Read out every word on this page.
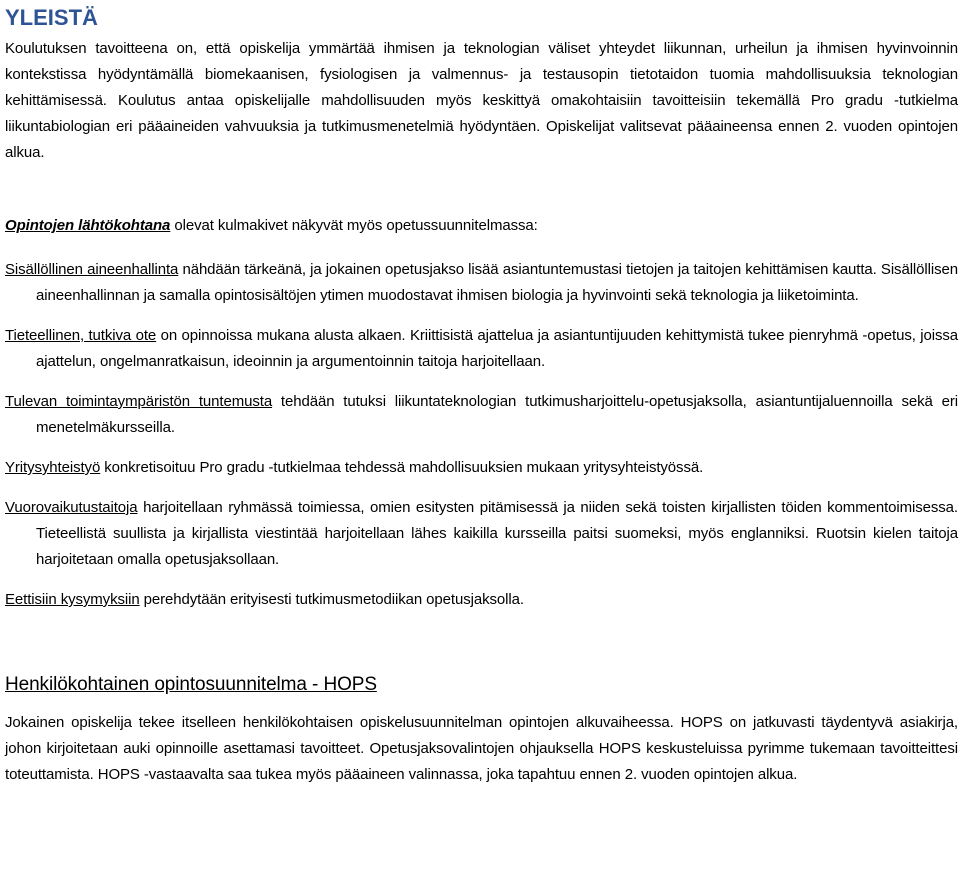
YLEISTÄ

Koulutuksen tavoitteena on, että opiskelija ymmärtää ihmisen ja teknologian väliset yhteydet liikunnan, urheilun ja ihmisen hyvinvoinnin kontekstissa hyödyntämällä biomekaanisen, fysiologisen ja valmennus- ja testausopin tietotaidon tuomia mahdollisuuksia teknologian kehittämisessä. Koulutus antaa opiskelijalle mahdollisuuden myös keskittyä omakohtaisiin tavoitteisiin tekemällä Pro gradu -tutkielma liikuntabiologian eri pääaineiden vahvuuksia ja tutkimusmenetelmiä hyödyntäen. Opiskelijat valitsevat pääaineensa ennen 2. vuoden opintojen alkua.

Opintojen lähtökohtana olevat kulmakivet näkyvät myös opetussuunnitelmassa:

Sisällöllinen aineenhallinta nähdään tärkeänä, ja jokainen opetusjakso lisää asiantuntemustasi tietojen ja taitojen kehittämisen kautta. Sisällöllisen aineenhallinnan ja samalla opintosisältöjen ytimen muodostavat ihmisen biologia ja hyvinvointi sekä teknologia ja liiketoiminta.

Tieteellinen, tutkiva ote on opinnoissa mukana alusta alkaen. Kriittisistä ajattelua ja asiantuntijuuden kehittymistä tukee pienryhmä -opetus, joissa ajattelun, ongelmanratkaisun, ideoinnin ja argumentoinnin taitoja harjoitellaan.

Tulevan toimintaympäristön tuntemusta tehdään tutuksi liikuntateknologian tutkimusharjoittelu-opetusjaksolla, asiantuntijaluennoilla sekä eri menetelmäkursseilla.

Yritysyhteistyö konkretisoituu Pro gradu -tutkielmaa tehdessä mahdollisuuksien mukaan yritysyhteistyössä.

Vuorovaikutustaitoja harjoitellaan ryhmässä toimiessa, omien esitysten pitämisessä ja niiden sekä toisten kirjallisten töiden kommentoimisessa. Tieteellistä suullista ja kirjallista viestintää harjoitellaan lähes kaikilla kursseilla paitsi suomeksi, myös englanniksi. Ruotsin kielen taitoja harjoitetaan omalla opetusjaksollaan.

Eettisiin kysymyksiin perehdytään erityisesti tutkimusmetodiikan opetusjaksolla.

Henkilökohtainen opintosuunnitelma - HOPS

Jokainen opiskelija tekee itselleen henkilökohtaisen opiskelusuunnitelman opintojen alkuvaiheessa. HOPS on jatkuvasti täydentyvä asiakirja, johon kirjoitetaan auki opinnoille asettamasi tavoitteet. Opetusjaksovalintojen ohjauksella HOPS keskusteluissa pyrimme tukemaan tavoitteittesi toteuttamista. HOPS -vastaavalta saa tukea myös pääaineen valinnassa, joka tapahtuu ennen 2. vuoden opintojen alkua.
